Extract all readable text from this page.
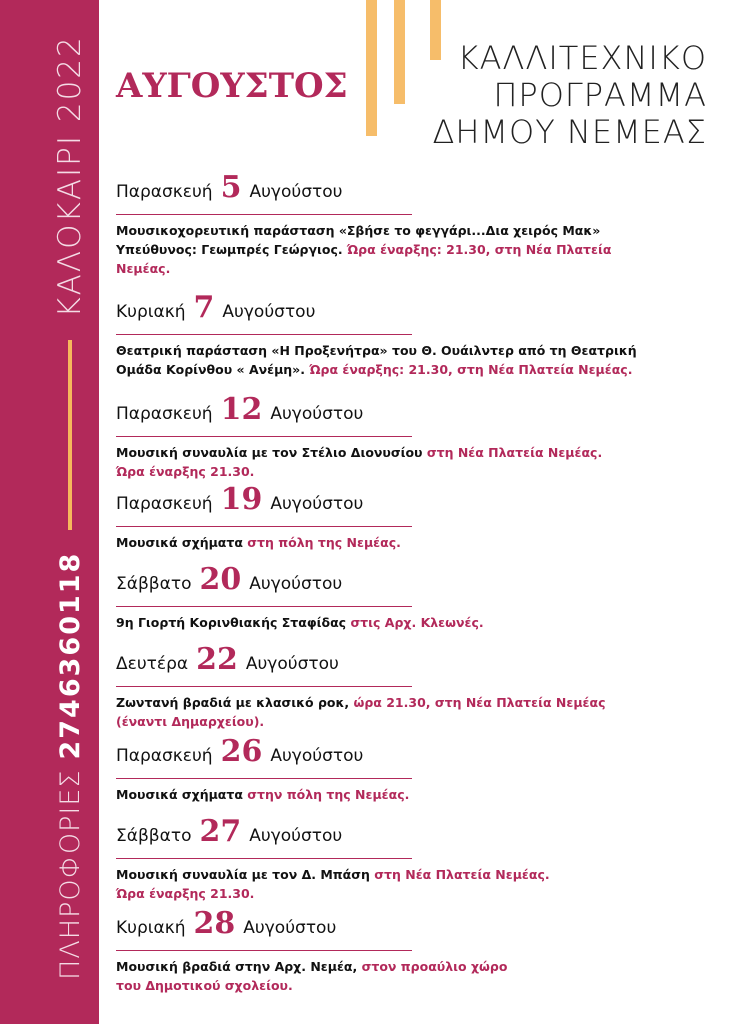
ΠΛΗΡΟΦΟΡΙΕΣ
2746360118
ΚΑΛΟΚΑΙΡΙ 2022 ΑΥΓΟΥΣΤΟΣ
ΚΑΛΛΙΤΕΧΝΙΚΟ
ΠΡΟΓΡΑΜΜΑ
ΔΗΜΟΥ ΝΕΜΕΑΣ
Παρασκευή 5 Αυγούστου
Μουσικοχορευτική παράσταση «Σβήσε το φεγγάρι...Δια χειρός Μακ»
Υπεύθυνος: Γεωμπρές Γεώργιος. Ώρα έναρξης: 21.30, στη Νέα Πλατεία
Νεμέας.
Κυριακή 7 Αυγούστου
Θεατρική παράσταση «Η Προξενήτρα» του Θ. Ουάιλντερ από τη Θεατρική
Ομάδα Κορίνθου « Ανέμη». Ώρα έναρξης: 21.30, στη Νέα Πλατεία Νεμέας.
Παρασκευή 12 Αυγούστου
Μουσική συναυλία με τον Στέλιο Διονυσίου στη Νέα Πλατεία Νεμέας.
Ώρα έναρξης 21.30.
Παρασκευή 19 Αυγούστου
Μουσικά σχήματα στη πόλη της Νεμέας.
Σάββατο 20 Αυγούστου
9η Γιορτή Κορινθιακής Σταφίδας στις Αρχ. Κλεωνές.
Δευτέρα 22 Αυγούστου
Ζωντανή βραδιά με κλασικό ροκ, ώρα 21.30, στη Νέα Πλατεία Νεμέας
(έναντι Δημαρχείου).
Παρασκευή 26 Αυγούστου
Μουσικά σχήματα στην πόλη της Νεμέας.
Σάββατο 27 Αυγούστου
Μουσική συναυλία με τον Δ. Μπάση στη Νέα Πλατεία Νεμέας.
Ώρα έναρξης 21.30.
Κυριακή 28 Αυγούστου
Μουσική βραδιά στην Αρχ. Νεμέα, στον προαύλιο χώρο
του Δημοτικού σχολείου.
